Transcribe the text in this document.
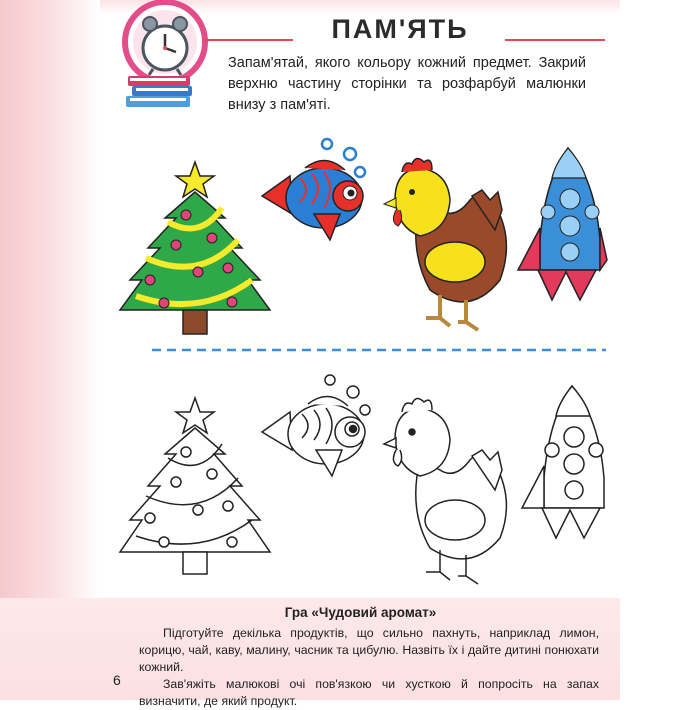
ПАМ'ЯТЬ
Запам'ятай, якого кольору кожний предмет. Закрий верхню частину сторінки та розфарбуй малюнки внизу з пам'яті.
Гра «Чудовий аромат»

Підготуйте декілька продуктів, що сильно пахнуть, наприклад лимон, корицю, чай, каву, малину, часник та цибулю. Назвіть їх і дайте дитині понюхати кожний.

Зав'яжіть малюкові очі пов'язкою чи хусткою й попросіть на запах визначити, де який продукт.

6
